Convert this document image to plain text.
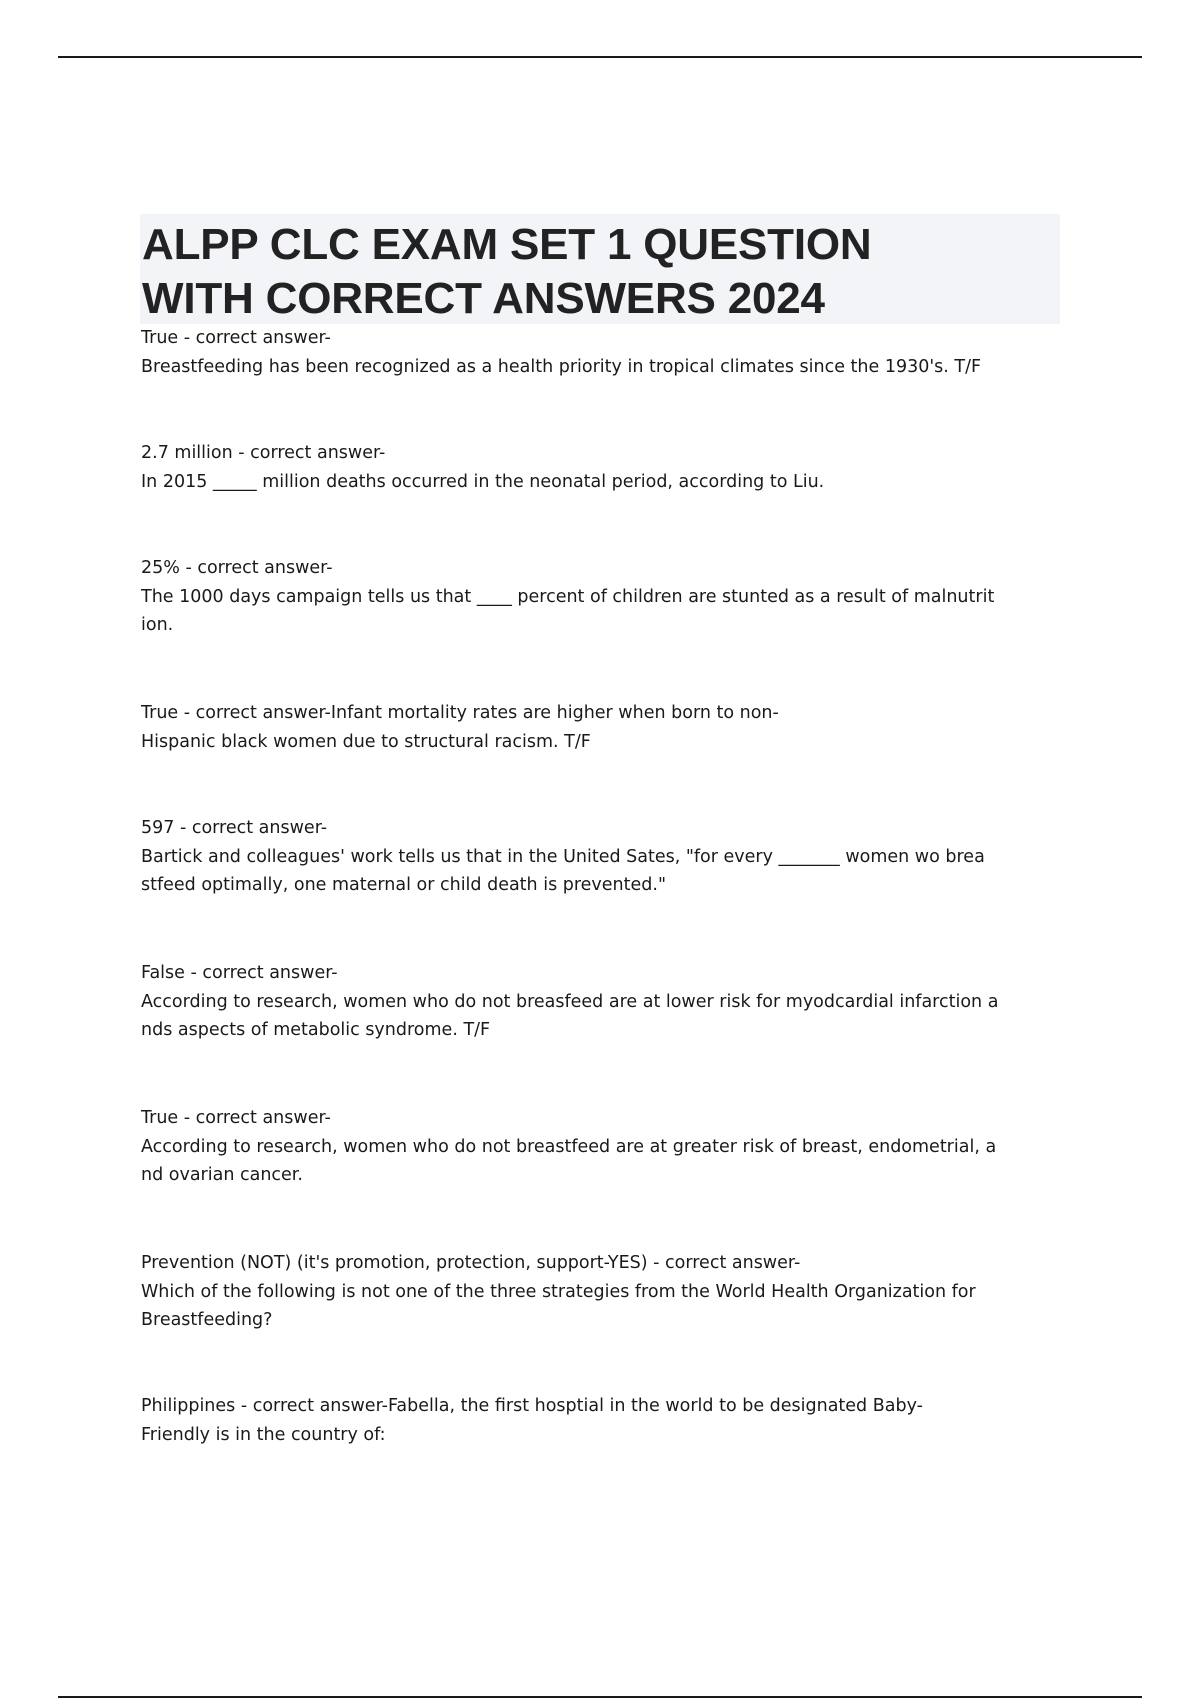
ALPP CLC EXAM SET 1 QUESTION
WITH CORRECT ANSWERS 2024

True - correct answer-
Breastfeeding has been recognized as a health priority in tropical climates since the 1930's. T/F

2.7 million - correct answer-
In 2015 _____ million deaths occurred in the neonatal period, according to Liu.

25% - correct answer-
The 1000 days campaign tells us that ____ percent of children are stunted as a result of malnutrit
ion.

True - correct answer-Infant mortality rates are higher when born to non-
Hispanic black women due to structural racism. T/F

597 - correct answer-
Bartick and colleagues' work tells us that in the United Sates, "for every _______ women wo brea
stfeed optimally, one maternal or child death is prevented."

False - correct answer-
According to research, women who do not breasfeed are at lower risk for myodcardial infarction a
nds aspects of metabolic syndrome. T/F

True - correct answer-
According to research, women who do not breastfeed are at greater risk of breast, endometrial, a
nd ovarian cancer.

Prevention (NOT) (it's promotion, protection, support-YES) - correct answer-
Which of the following is not one of the three strategies from the World Health Organization for
Breastfeeding?

Philippines - correct answer-Fabella, the first hosptial in the world to be designated Baby-
Friendly is in the country of:
